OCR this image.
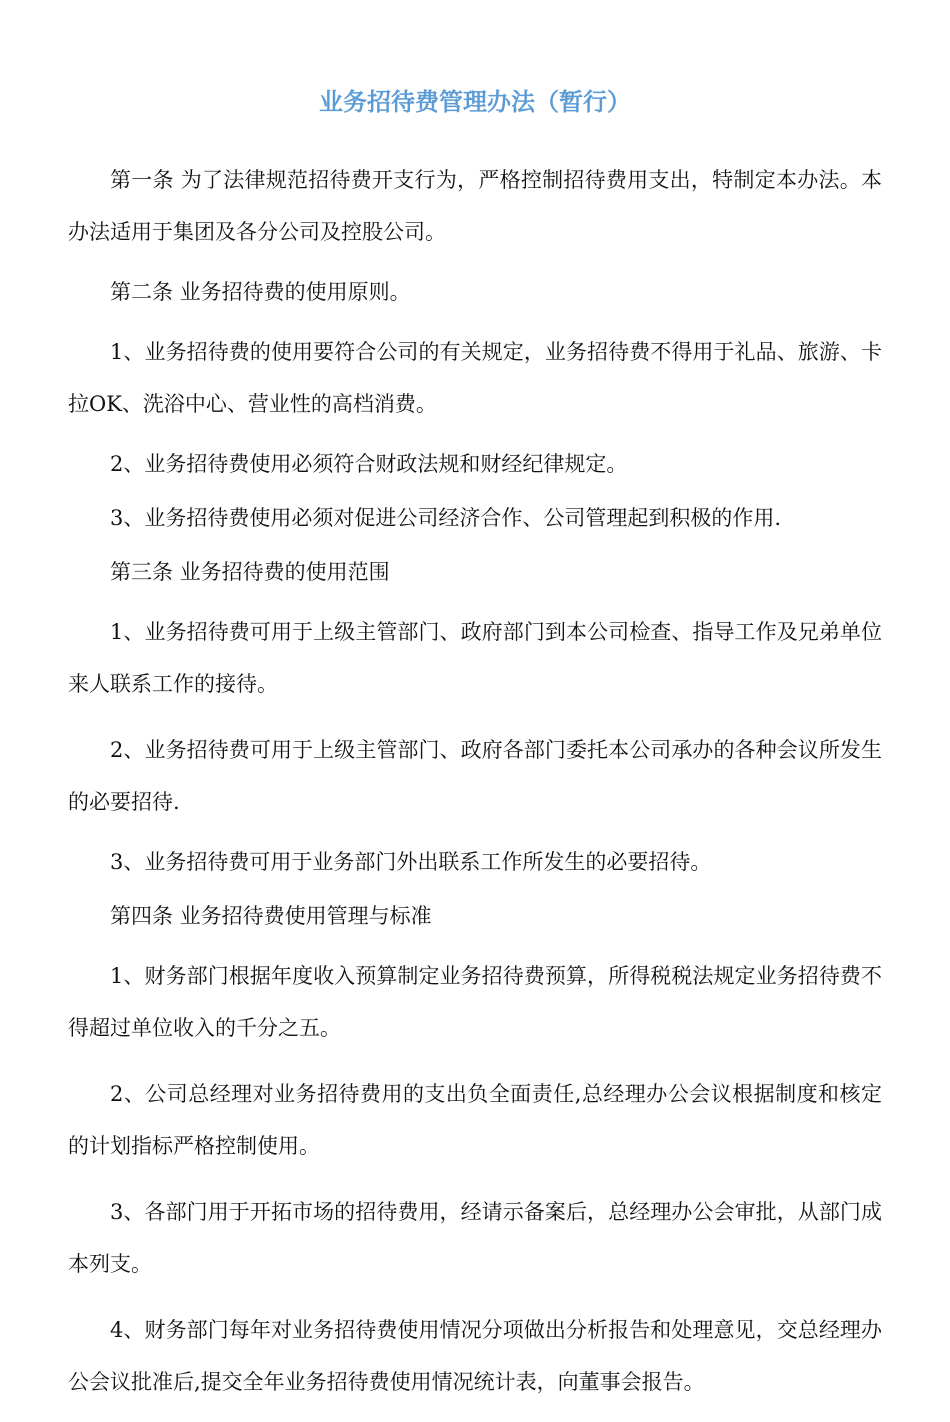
业务招待费管理办法（暂行）

第一条 为了法律规范招待费开支行为，严格控制招待费用支出，特制定本办法。本办法适用于集团及各分公司及控股公司。

第二条 业务招待费的使用原则。

1、业务招待费的使用要符合公司的有关规定，业务招待费不得用于礼品、旅游、卡拉OK、洗浴中心、营业性的高档消费。

2、业务招待费使用必须符合财政法规和财经纪律规定。

3、业务招待费使用必须对促进公司经济合作、公司管理起到积极的作用.

第三条 业务招待费的使用范围

1、业务招待费可用于上级主管部门、政府部门到本公司检查、指导工作及兄弟单位来人联系工作的接待。

2、业务招待费可用于上级主管部门、政府各部门委托本公司承办的各种会议所发生的必要招待.

3、业务招待费可用于业务部门外出联系工作所发生的必要招待。

第四条 业务招待费使用管理与标准

1、财务部门根据年度收入预算制定业务招待费预算，所得税税法规定业务招待费不得超过单位收入的千分之五。

2、公司总经理对业务招待费用的支出负全面责任,总经理办公会议根据制度和核定的计划指标严格控制使用。

3、各部门用于开拓市场的招待费用，经请示备案后，总经理办公会审批，从部门成本列支。

4、财务部门每年对业务招待费使用情况分项做出分析报告和处理意见，交总经理办公会议批准后,提交全年业务招待费使用情况统计表，向董事会报告。
